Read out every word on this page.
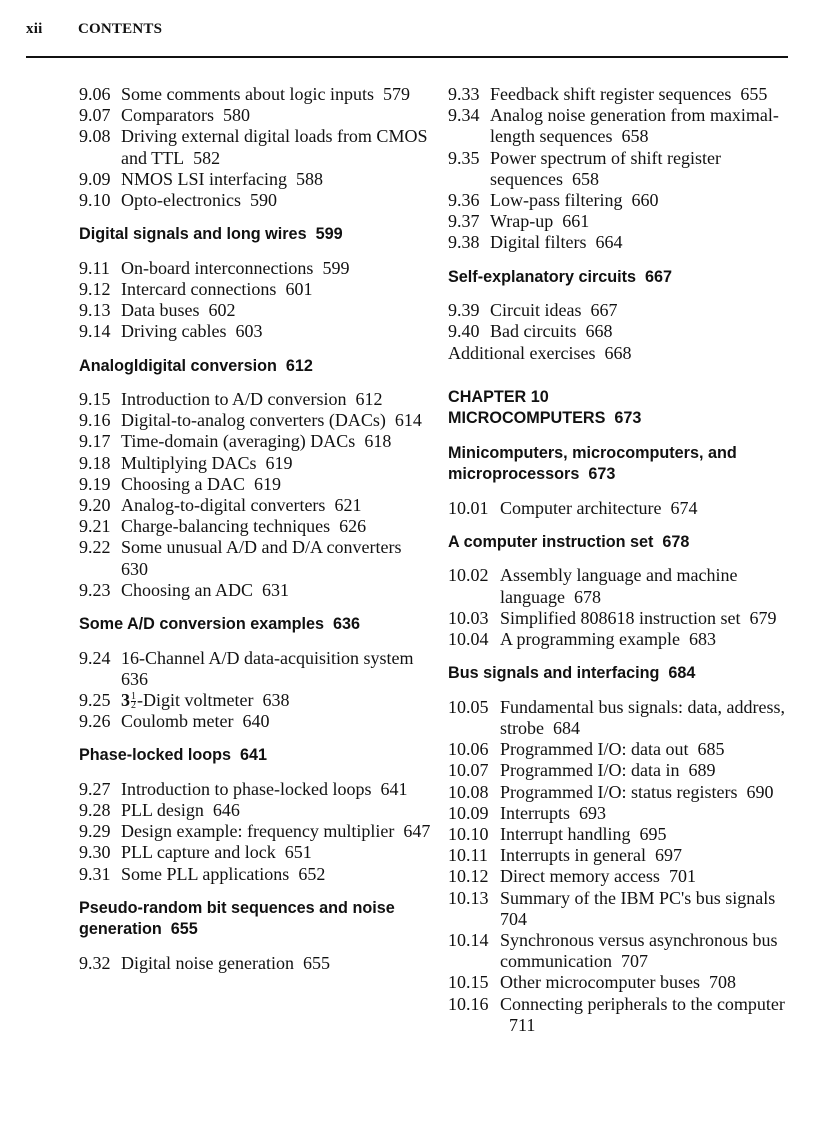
xii CONTENTS
9.06 Some comments about logic inputs 579
9.07 Comparators 580
9.08 Driving external digital loads from CMOS and TTL 582
9.09 NMOS LSI interfacing 588
9.10 Opto-electronics 590
Digital signals and long wires 599
9.11 On-board interconnections 599
9.12 Intercard connections 601
9.13 Data buses 602
9.14 Driving cables 603
Analogldigital conversion 612
9.15 Introduction to A/D conversion 612
9.16 Digital-to-analog converters (DACs) 614
9.17 Time-domain (averaging) DACs 618
9.18 Multiplying DACs 619
9.19 Choosing a DAC 619
9.20 Analog-to-digital converters 621
9.21 Charge-balancing techniques 626
9.22 Some unusual A/D and D/A converters630
9.23 Choosing an ADC 631
Some A/D conversion examples 636
9.24 16-Channel A/D data-acquisition system636
9.25 $3 \frac{1}{2}$ -Digit voltmeter 638
9.26 Coulomb meter 640
Phase-locked loops 641
9.27 Introduction to phase-locked loops 641
9.28 PLL design 646
9.29 Design example: frequency multiplier 647
9.30 PLL capture and lock 651
9.31 Some PLL applications 652
Pseudo-random bit sequences and noise generation 655
9.32 Digital noise generation 655
9.33 Feedback shift register sequences 655
9.34 Analog noise generation from maximal-length sequences 658
9.35 Power spectrum of shift register sequences 658
9.36 Low-pass filtering 660
9.37 Wrap-up 661
9.38 Digital filters 664
Self-explanatory circuits 667
9.39 Circuit ideas 667
9.40 Bad circuits 668
Additional exercises 668
CHAPTER 10
MICROCOMPUTERS 673
Minicomputers, microcomputers, and microprocessors 673
10.01 Computer architecture 674
A computer instruction set 678
10.02 Assembly language and machine language 678
10.03 Simplified 808618 instruction set 679
10.04 A programming example 683
Bus signals and interfacing 684
10.05 Fundamental bus signals: data, address, strobe 684
10.06 Programmed I/O: data out 685
10.07 Programmed I/O: data in 689
10.08 Programmed I/O: status registers 690
10.09 Interrupts 693
10.10 Interrupt handling 695
10.11 Interrupts in general 697
10.12 Direct memory access 701
10.13 Summary of the IBM PC's bus signals704
10.14 Synchronous versus asynchronous bus communication 707
10.15 Other microcomputer buses 708
10.16 Connecting peripherals to the computer711
